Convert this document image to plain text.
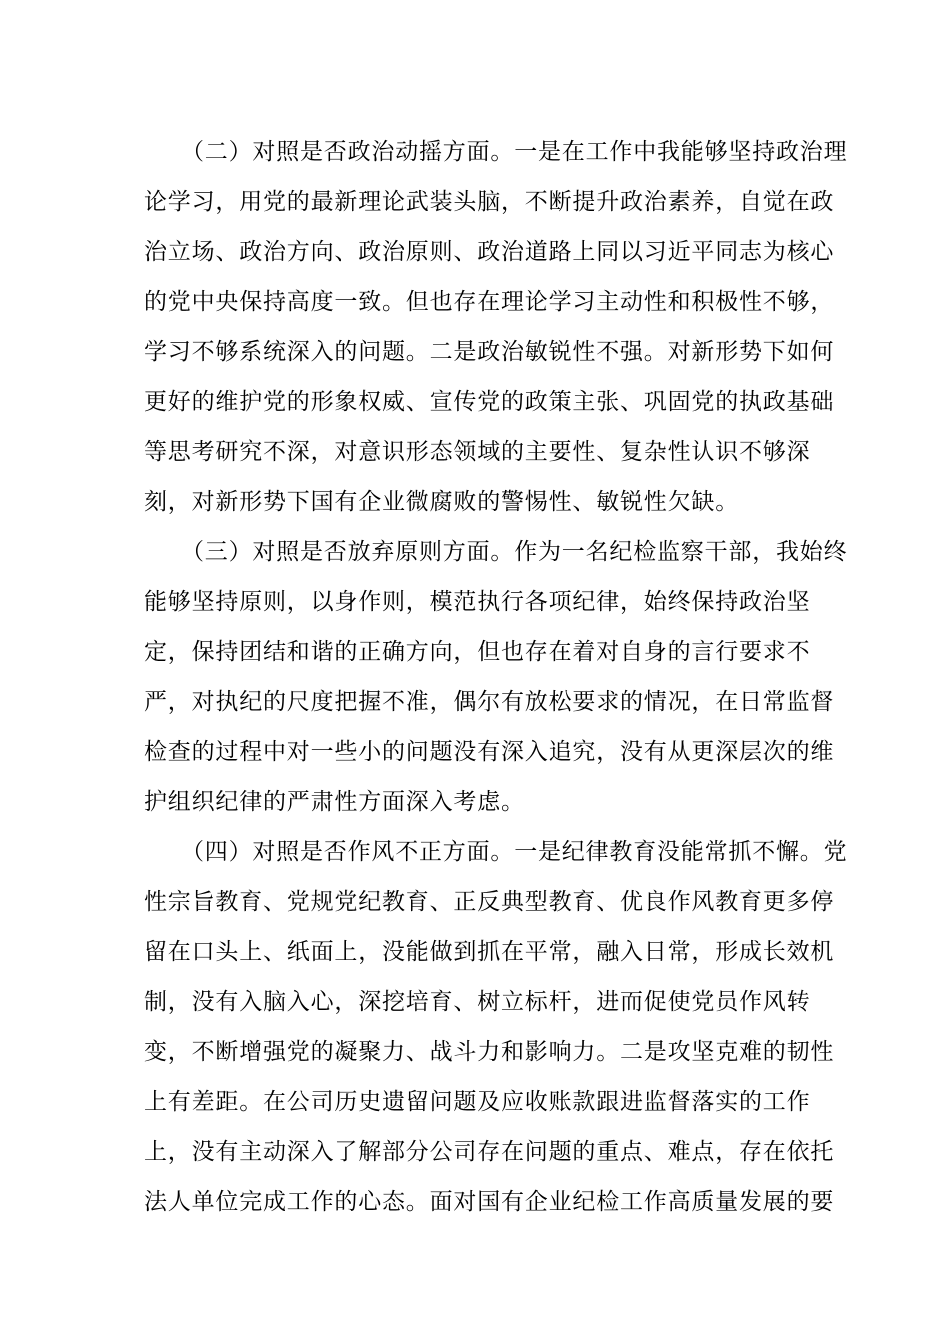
（二）对照是否政治动摇方面。一是在工作中我能够坚持政治理
论学习，用党的最新理论武装头脑，不断提升政治素养，自觉在政
治立场、政治方向、政治原则、政治道路上同以习近平同志为核心
的党中央保持高度一致。但也存在理论学习主动性和积极性不够，
学习不够系统深入的问题。二是政治敏锐性不强。对新形势下如何
更好的维护党的形象权威、宣传党的政策主张、巩固党的执政基础
等思考研究不深，对意识形态领域的主要性、复杂性认识不够深
刻，对新形势下国有企业微腐败的警惕性、敏锐性欠缺。
（三）对照是否放弃原则方面。作为一名纪检监察干部，我始终
能够坚持原则，以身作则，模范执行各项纪律，始终保持政治坚
定，保持团结和谐的正确方向，但也存在着对自身的言行要求不
严，对执纪的尺度把握不准，偶尔有放松要求的情况，在日常监督
检查的过程中对一些小的问题没有深入追究，没有从更深层次的维
护组织纪律的严肃性方面深入考虑。
（四）对照是否作风不正方面。一是纪律教育没能常抓不懈。党
性宗旨教育、党规党纪教育、正反典型教育、优良作风教育更多停
留在口头上、纸面上，没能做到抓在平常，融入日常，形成长效机
制，没有入脑入心，深挖培育、树立标杆，进而促使党员作风转
变，不断增强党的凝聚力、战斗力和影响力。二是攻坚克难的韧性
上有差距。在公司历史遗留问题及应收账款跟进监督落实的工作
上，没有主动深入了解部分公司存在问题的重点、难点，存在依托
法人单位完成工作的心态。面对国有企业纪检工作高质量发展的要
